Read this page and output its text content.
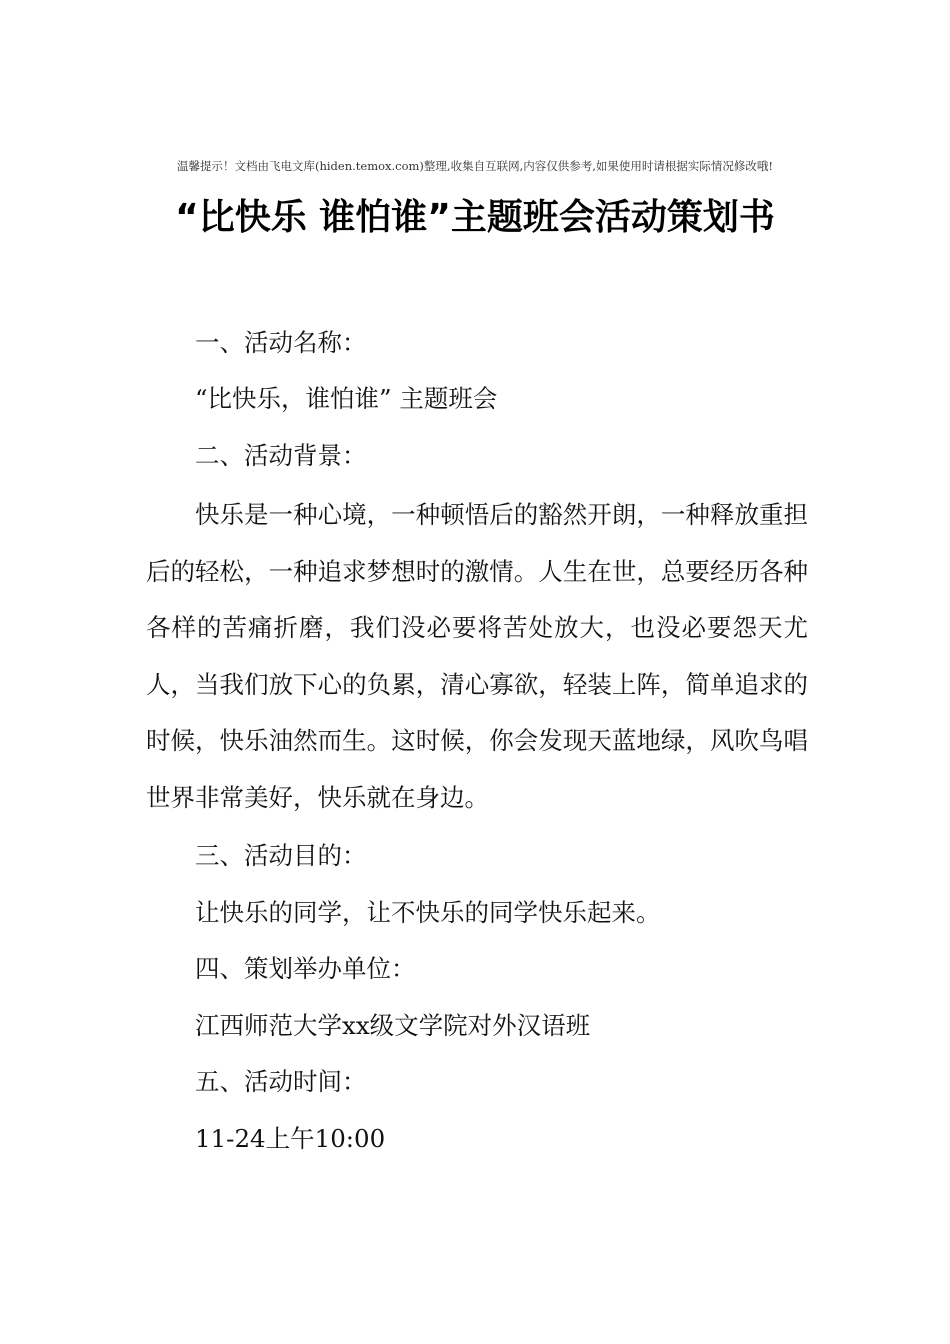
温馨提示！文档由飞电文库(hiden.temox.com)整理,收集自互联网,内容仅供参考,如果使用时请根据实际情况修改哦!
“比快乐 谁怕谁”主题班会活动策划书
一、活动名称：
“比快乐，谁怕谁” 主题班会
二、活动背景：
快乐是一种心境，一种顿悟后的豁然开朗，一种释放重担后的轻松，一种追求梦想时的激情。人生在世，总要经历各种各样的苦痛折磨，我们没必要将苦处放大，也没必要怨天尤人，当我们放下心的负累，清心寡欲，轻装上阵，简单追求的时候，快乐油然而生。这时候，你会发现天蓝地绿，风吹鸟唱世界非常美好，快乐就在身边。
三、活动目的：
让快乐的同学，让不快乐的同学快乐起来。
四、策划举办单位：
江西师范大学xx级文学院对外汉语班
五、活动时间：
11-24上午10:00
